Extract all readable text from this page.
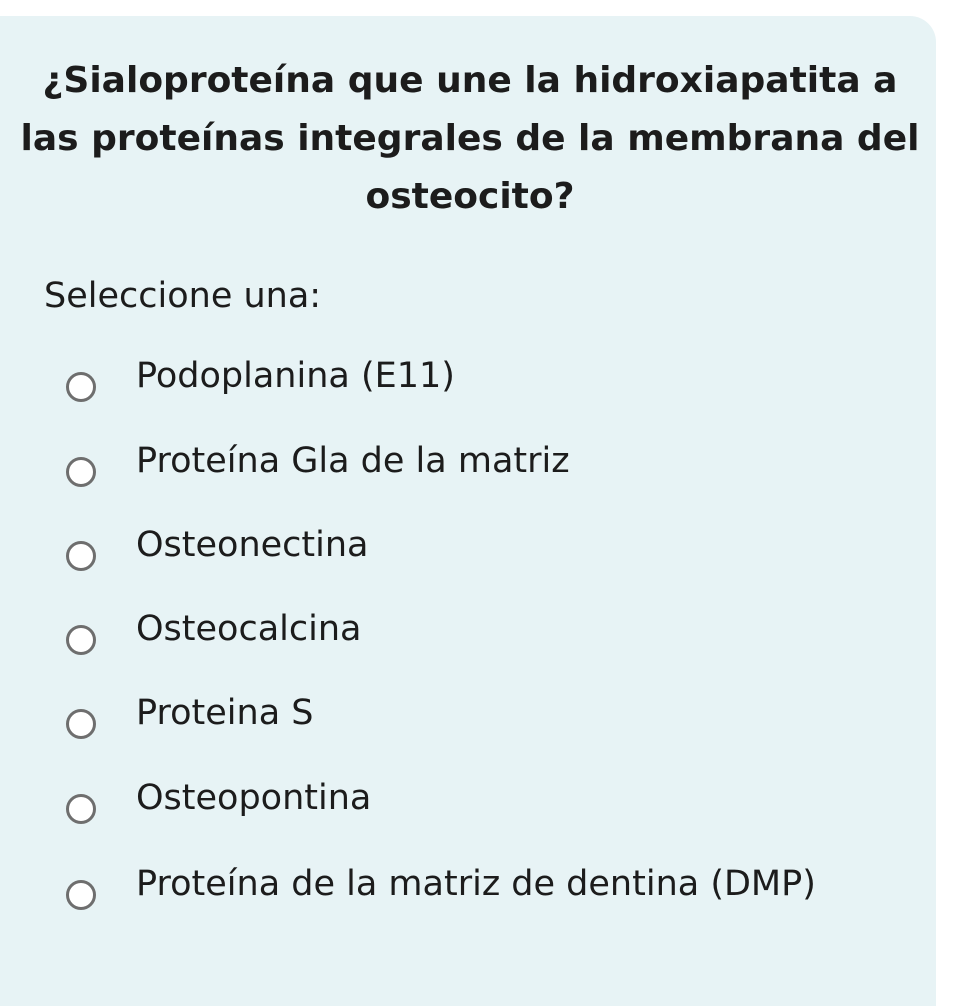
¿Sialoproteína que une la hidroxiapatita a las proteínas integrales de la membrana del osteocito?

Seleccione una:

Podoplanina (E11)
Proteína Gla de la matriz
Osteonectina
Osteocalcina
Proteina S
Osteopontina
Proteína de la matriz de dentina (DMP)
